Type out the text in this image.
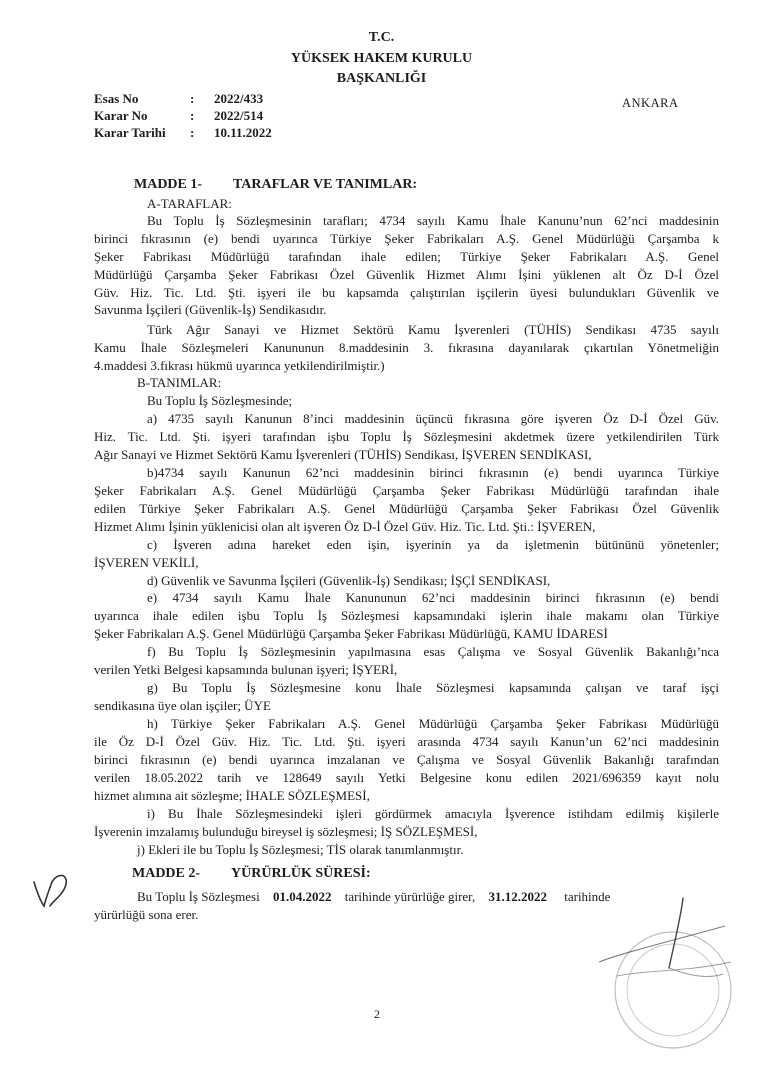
T.C.
YÜKSEK HAKEM KURULU
BAŞKANLIĞI
Esas No	: 2022/433
Karar No	: 2022/514
Karar Tarihi : 10.11.2022
ANKARA
MADDE 1- TARAFLAR VE TANIMLAR:
A-TARAFLAR:
Bu Toplu İş Sözleşmesinin tarafları; 4734 sayılı Kamu İhale Kanunu’nun 62’nci maddesinin
birinci fıkrasının (e) bendi uyarınca Türkiye Şeker Fabrikaları A.Ş. Genel Müdürlüğü Çarşamba k
Şeker Fabrikası Müdürlüğü tarafından ihale edilen; Türkiye Şeker Fabrikaları A.Ş. Genel
Müdürlüğü Çarşamba Şeker Fabrikası Özel Güvenlik Hizmet Alımı İşini yüklenen alt Öz D-İ Özel
Güv. Hiz. Tic. Ltd. Şti. işyeri ile bu kapsamda çalıştırılan işçilerin üyesi bulundukları Güvenlik ve
Savunma İşçileri (Güvenlik-İş) Sendikasıdır.
Türk Ağır Sanayi ve Hizmet Sektörü Kamu İşverenleri (TÜHİS) Sendikası 4735 sayılı
Kamu İhale Sözleşmeleri Kanununun 8.maddesinin 3. fıkrasına dayanılarak çıkartılan Yönetmeliğin
4.maddesi 3.fıkrası hükmü uyarınca yetkilendirilmiştir.)
B-TANIMLAR:
Bu Toplu İş Sözleşmesinde;
a) 4735 sayılı Kanunun 8’inci maddesinin üçüncü fıkrasına göre işveren Öz D-İ Özel Güv.
Hiz. Tic. Ltd. Şti. işyeri tarafından işbu Toplu İş Sözleşmesini akdetmek üzere yetkilendirilen Türk
Ağır Sanayi ve Hizmet Sektörü Kamu İşverenleri (TÜHİS) Sendikası, İŞVEREN SENDİKASI,
b)4734 sayılı Kanunun 62’nci maddesinin birinci fıkrasının (e) bendi uyarınca Türkiye
Şeker Fabrikaları A.Ş. Genel Müdürlüğü Çarşamba Şeker Fabrikası Müdürlüğü tarafından ihale
edilen Türkiye Şeker Fabrikaları A.Ş. Genel Müdürlüğü Çarşamba Şeker Fabrikası Özel Güvenlik
Hizmet Alımı İşinin yüklenicisi olan alt işveren Öz D-İ Özel Güv. Hiz. Tic. Ltd. Şti.: İŞVEREN,
c) İşveren adına hareket eden işin, işyerinin ya da işletmenin bütününü yönetenler;
İŞVEREN VEKİLİ,
d) Güvenlik ve Savunma İşçileri (Güvenlik-İş) Sendikası; İŞÇİ SENDİKASI,
e) 4734 sayılı Kamu İhale Kanununun 62’nci maddesinin birinci fıkrasının (e) bendi
uyarınca ihale edilen işbu Toplu İş Sözleşmesi kapsamındaki işlerin ihale makamı olan Türkiye
Şeker Fabrikaları A.Ş. Genel Müdürlüğü Çarşamba Şeker Fabrikası Müdürlüğü, KAMU İDARESİ
f) Bu Toplu İş Sözleşmesinin yapılmasına esas Çalışma ve Sosyal Güvenlik Bakanlığı’nca
verilen Yetki Belgesi kapsamında bulunan işyeri; İŞYERİ,
g) Bu Toplu İş Sözleşmesine konu İhale Sözleşmesi kapsamında çalışan ve taraf işçi
sendikasına üye olan işçiler; ÜYE
h) Türkiye Şeker Fabrikaları A.Ş. Genel Müdürlüğü Çarşamba Şeker Fabrikası Müdürlüğü
ile Öz D-İ Özel Güv. Hiz. Tic. Ltd. Şti. işyeri arasında 4734 sayılı Kanun’un 62’nci maddesinin
birinci fıkrasının (e) bendi uyarınca imzalanan ve Çalışma ve Sosyal Güvenlik Bakanlığı tarafından
verilen 18.05.2022 tarih ve 128649 sayılı Yetki Belgesine konu edilen 2021/696359 kayıt nolu
hizmet alımına ait sözleşme; İHALE SÖZLEŞMESİ,
i) Bu İhale Sözleşmesindeki işleri gördürmek amacıyla İşverence istihdam edilmiş kişilerle
İşverenin imzalamış bulunduğu bireysel iş sözleşmesi; İŞ SÖZLEŞMESİ,
j) Ekleri ile bu Toplu İş Sözleşmesi; TİS olarak tanımlanmıştır.
MADDE 2- YÜRÜRLÜK SÜRESİ:
Bu Toplu İş Sözleşmesi 01.04.2022 tarihinde yürürlüğe girer, 31.12.2022 tarihinde
yürürlüğü sona erer.
2
